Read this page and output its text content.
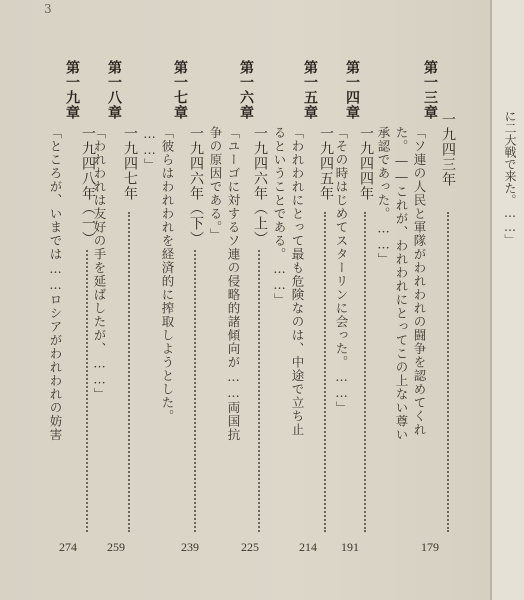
3
に二大戦で来た。……」
第一三章
一九四三年
「ソ連の人民と軍隊がわれわれの闘争を認めてくれ
た。――これが、われわれにとってこの上ない尊い
承認であった。……」
179
第一四章
一九四四年
「その時はじめてスターリンに会った。……」
191
第一五章
一九四五年
「われわれにとって最も危険なのは、中途で立ち止
るということである。……」
214
第一六章
一九四六年（上）
「ユーゴに対するソ連の侵略的諸傾向が……両国抗
争の原因である。」
225
第一七章
一九四六年（下）
「彼らはわれわれを経済的に搾取しようとした。
……」
239
第一八章
一九四七年
「われわれは友好の手を延ばしたが、……」
259
第一九章
一九四八年（一）
「ところが、いまでは……ロシアがわれわれの妨害
274
